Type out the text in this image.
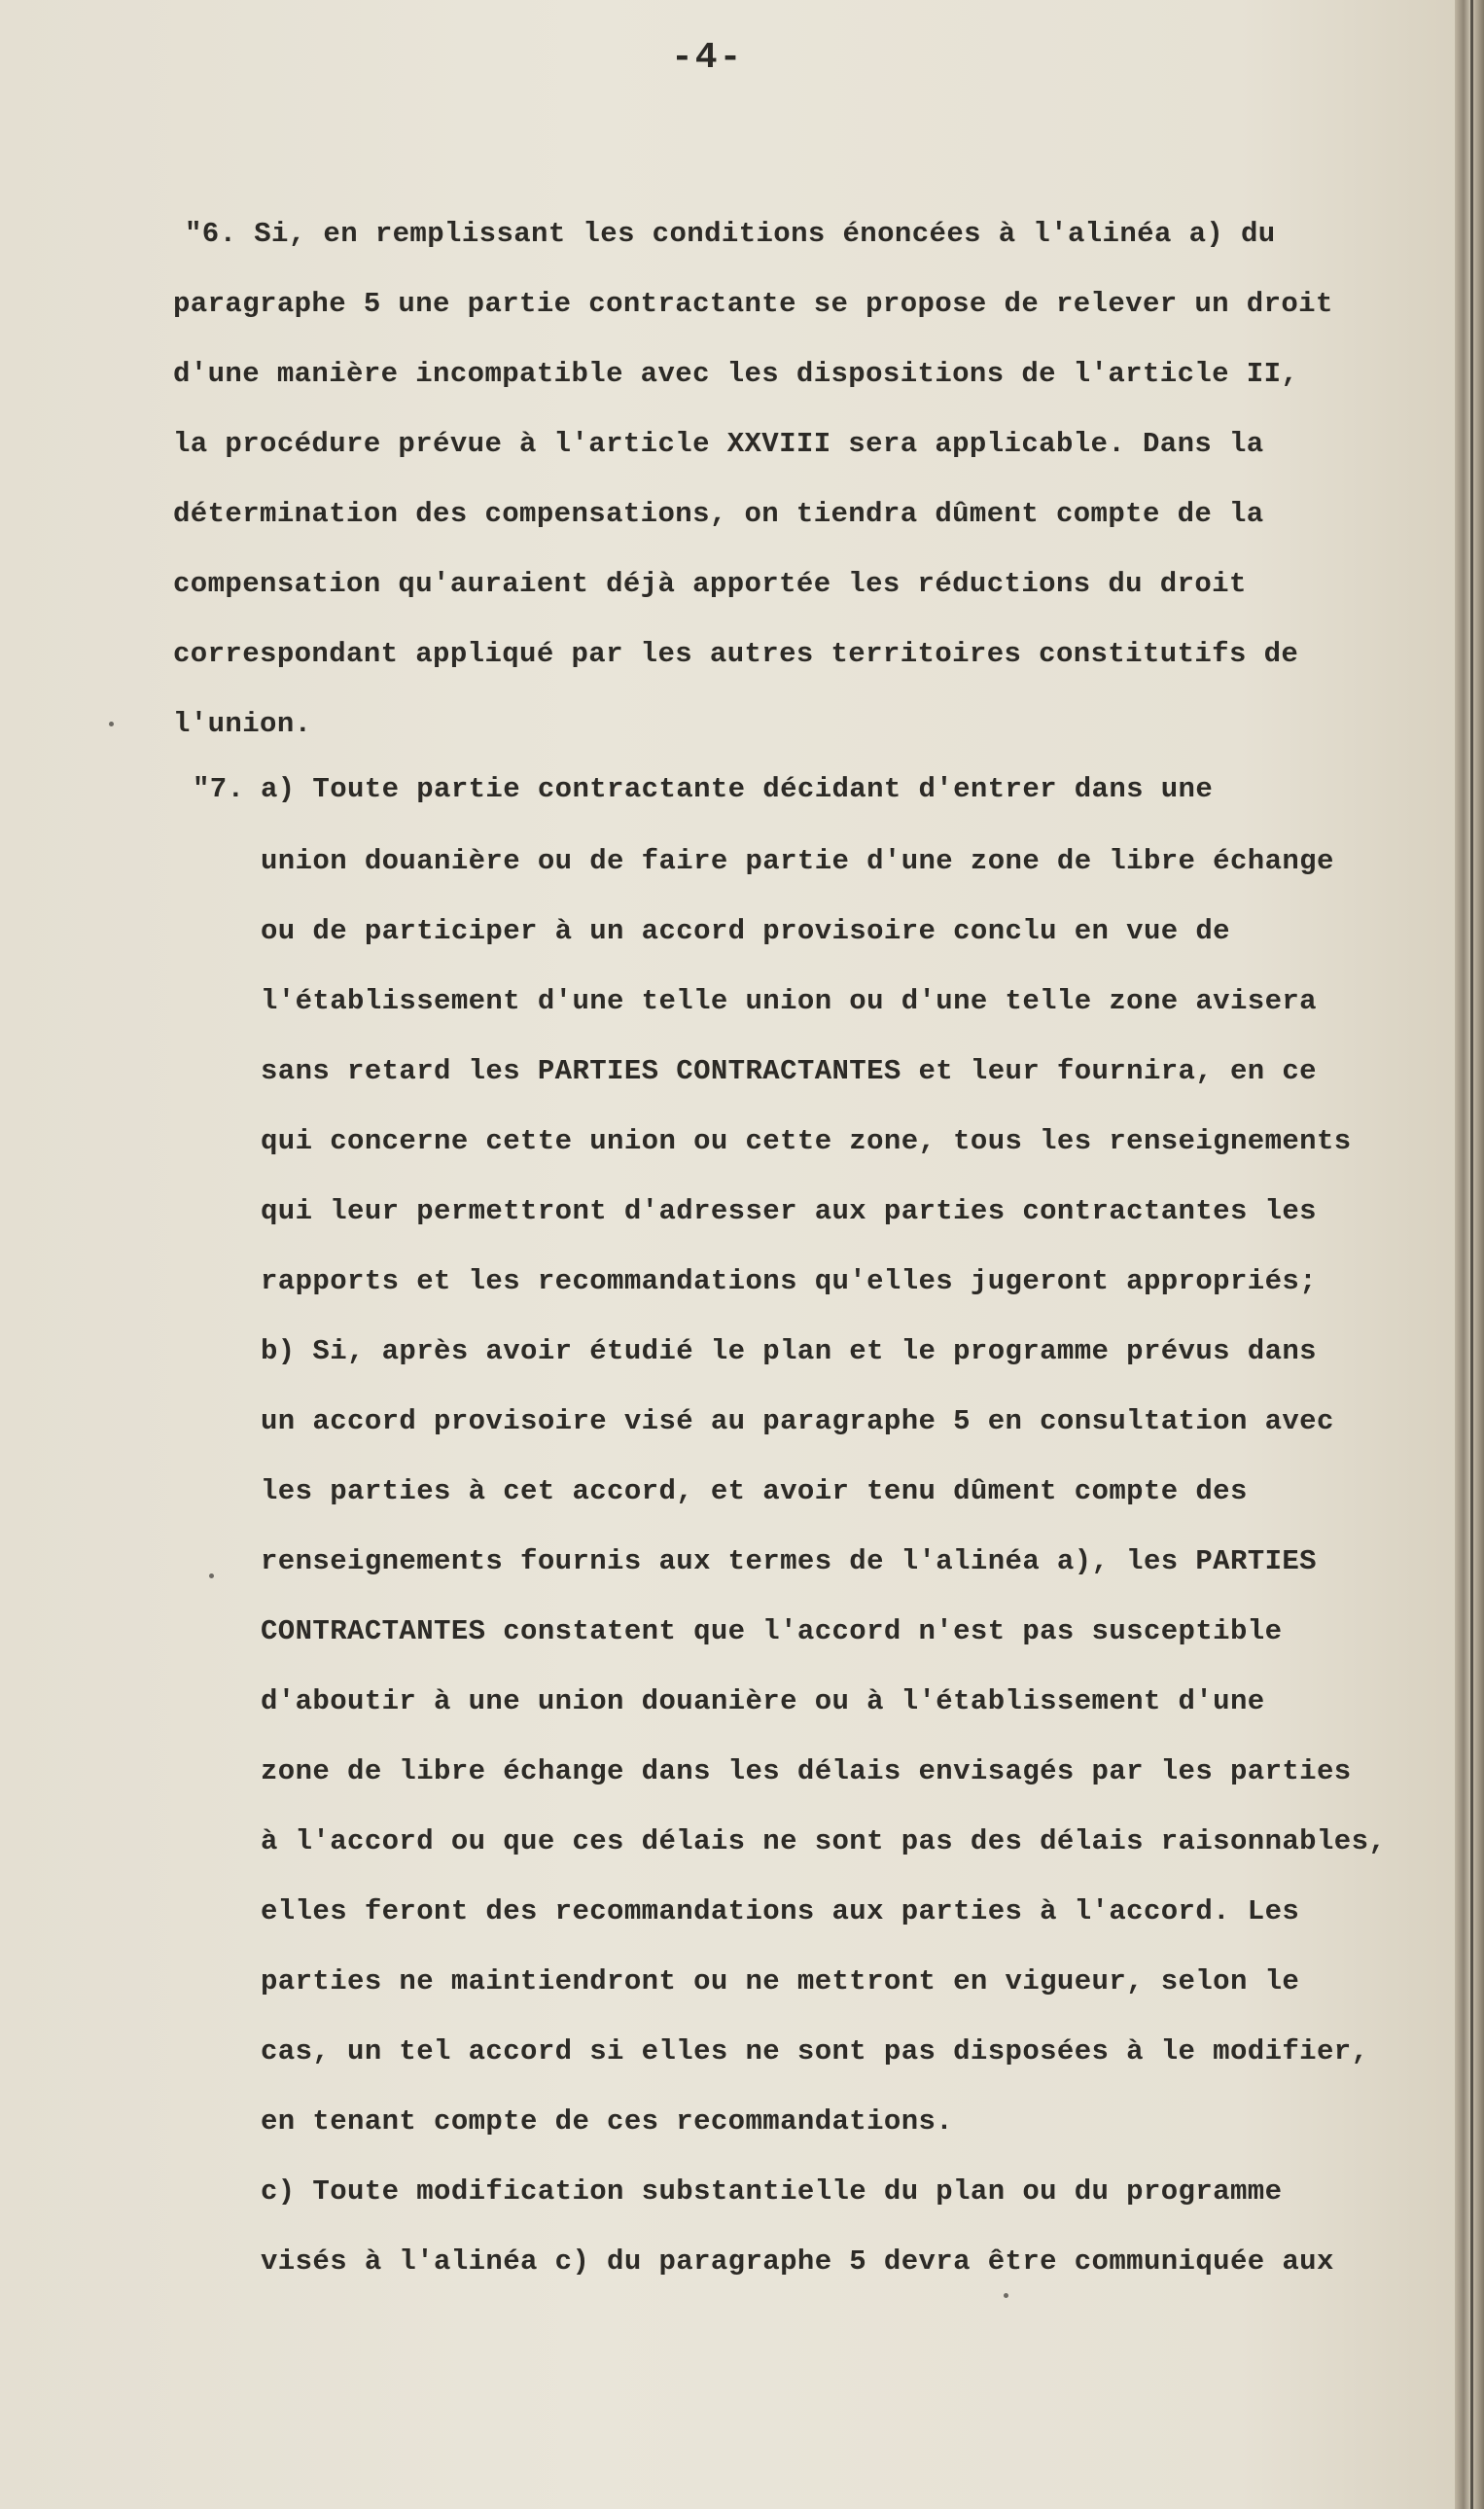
-4-
"6. Si, en remplissant les conditions énoncées à l'alinéa a) du
paragraphe 5 une partie contractante se propose de relever un droit
d'une manière incompatible avec les dispositions de l'article II,
la procédure prévue à l'article XXVIII sera applicable. Dans la
détermination des compensations, on tiendra dûment compte de la
compensation qu'auraient déjà apportée les réductions du droit
correspondant appliqué par les autres territoires constitutifs de
l'union.
"7. a) Toute partie contractante décidant d'entrer dans une
union douanière ou de faire partie d'une zone de libre échange
ou de participer à un accord provisoire conclu en vue de
l'établissement d'une telle union ou d'une telle zone avisera
sans retard les PARTIES CONTRACTANTES et leur fournira, en ce
qui concerne cette union ou cette zone, tous les renseignements
qui leur permettront d'adresser aux parties contractantes les
rapports et les recommandations qu'elles jugeront appropriés;
b) Si, après avoir étudié le plan et le programme prévus dans
un accord provisoire visé au paragraphe 5 en consultation avec
les parties à cet accord, et avoir tenu dûment compte des
renseignements fournis aux termes de l'alinéa a), les PARTIES
CONTRACTANTES constatent que l'accord n'est pas susceptible
d'aboutir à une union douanière ou à l'établissement d'une
zone de libre échange dans les délais envisagés par les parties
à l'accord ou que ces délais ne sont pas des délais raisonnables,
elles feront des recommandations aux parties à l'accord. Les
parties ne maintiendront ou ne mettront en vigueur, selon le
cas, un tel accord si elles ne sont pas disposées à le modifier,
en tenant compte de ces recommandations.
c) Toute modification substantielle du plan ou du programme
visés à l'alinéa c) du paragraphe 5 devra être communiquée aux
